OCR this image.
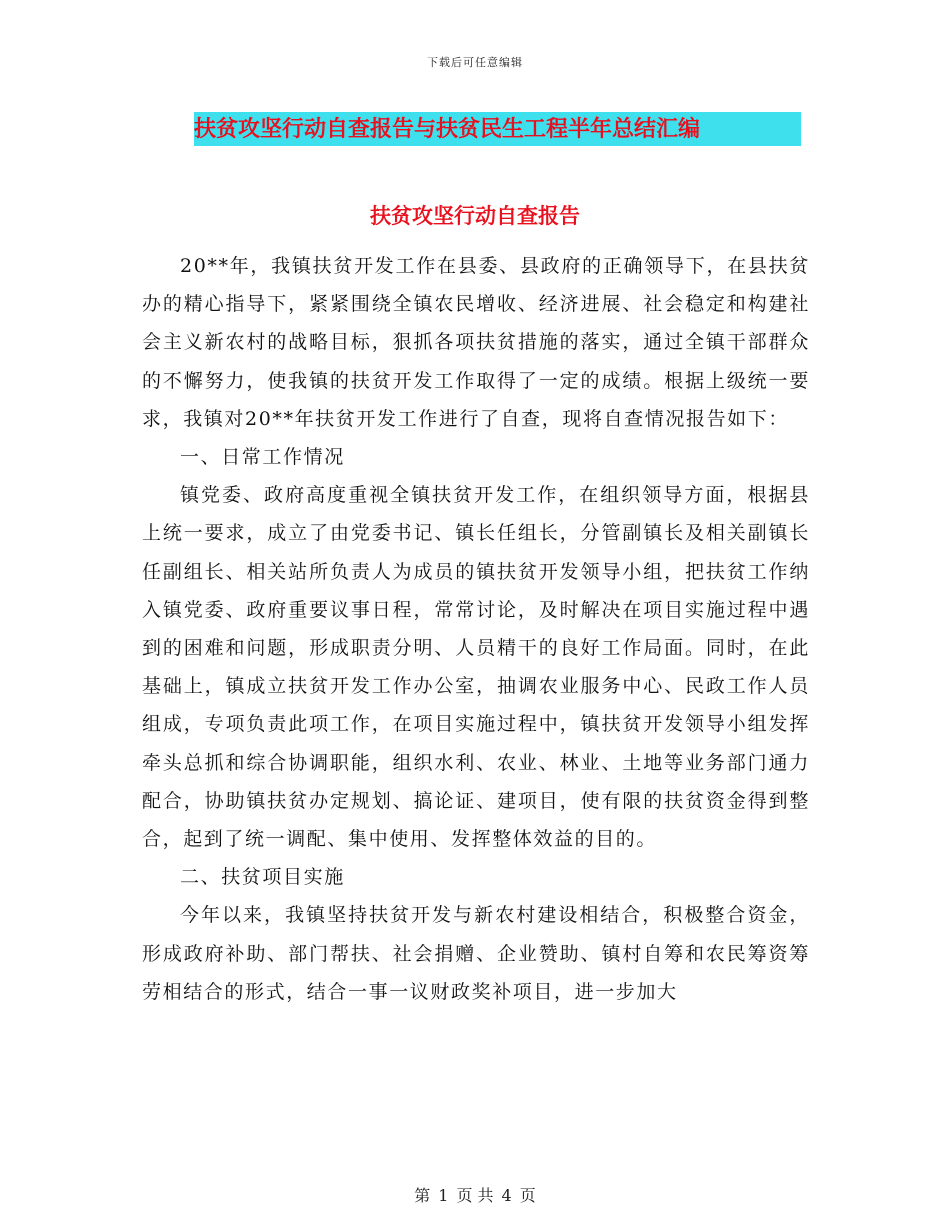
下载后可任意编辑
扶贫攻坚行动自查报告与扶贫民生工程半年总结汇编
扶贫攻坚行动自查报告

20**年，我镇扶贫开发工作在县委、县政府的正确领导下，在县扶贫办的精心指导下，紧紧围绕全镇农民增收、经济进展、社会稳定和构建社会主义新农村的战略目标，狠抓各项扶贫措施的落实，通过全镇干部群众的不懈努力，使我镇的扶贫开发工作取得了一定的成绩。根据上级统一要求，我镇对20**年扶贫开发工作进行了自查，现将自查情况报告如下：

一、日常工作情况

镇党委、政府高度重视全镇扶贫开发工作，在组织领导方面，根据县上统一要求，成立了由党委书记、镇长任组长，分管副镇长及相关副镇长任副组长、相关站所负责人为成员的镇扶贫开发领导小组，把扶贫工作纳入镇党委、政府重要议事日程，常常讨论，及时解决在项目实施过程中遇到的困难和问题，形成职责分明、人员精干的良好工作局面。同时，在此基础上，镇成立扶贫开发工作办公室，抽调农业服务中心、民政工作人员组成，专项负责此项工作，在项目实施过程中，镇扶贫开发领导小组发挥牵头总抓和综合协调职能，组织水利、农业、林业、土地等业务部门通力配合，协助镇扶贫办定规划、搞论证、建项目，使有限的扶贫资金得到整合，起到了统一调配、集中使用、发挥整体效益的目的。

二、扶贫项目实施

今年以来，我镇坚持扶贫开发与新农村建设相结合，积极整合资金，形成政府补助、部门帮扶、社会捐赠、企业赞助、镇村自筹和农民筹资筹劳相结合的形式，结合一事一议财政奖补项目，进一步加大

第 1 页 共 4 页
